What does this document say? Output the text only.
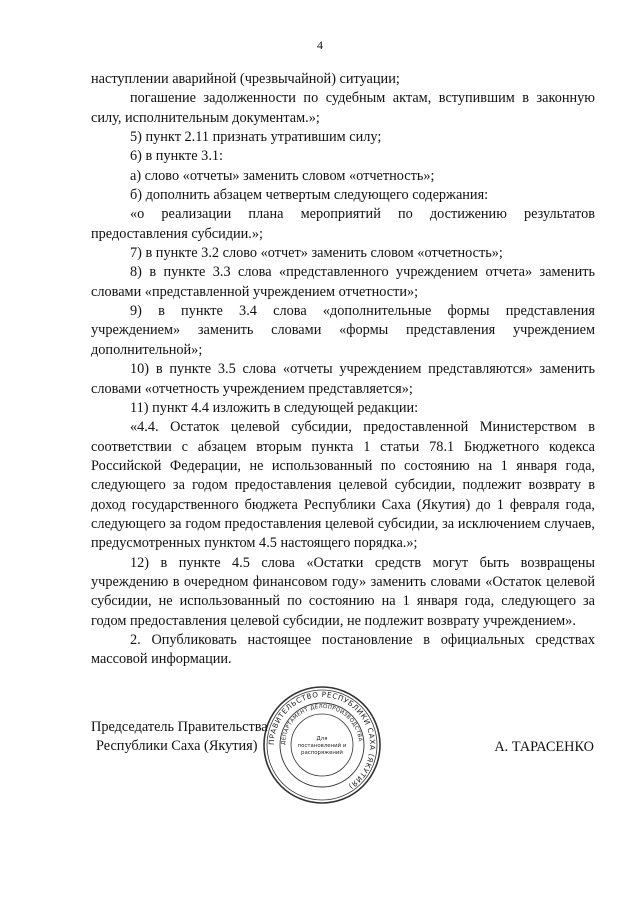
4

наступлении аварийной (чрезвычайной) ситуации;

погашение задолженности по судебным актам, вступившим в законную силу, исполнительным документам.»;

5) пункт 2.11 признать утратившим силу;

6) в пункте 3.1:

а) слово «отчеты» заменить словом «отчетность»;

б) дополнить абзацем четвертым следующего содержания:

«о реализации плана мероприятий по достижению результатов предоставления субсидии.»;

7) в пункте 3.2 слово «отчет» заменить словом «отчетность»;

8) в пункте 3.3 слова «представленного учреждением отчета» заменить словами «представленной учреждением отчетности»;

9) в пункте 3.4 слова «дополнительные формы представления учреждением» заменить словами «формы представления учреждением дополнительной»;

10) в пункте 3.5 слова «отчеты учреждением представляются» заменить словами «отчетность учреждением представляется»;

11) пункт 4.4 изложить в следующей редакции:

«4.4. Остаток целевой субсидии, предоставленной Министерством в соответствии с абзацем вторым пункта 1 статьи 78.1 Бюджетного кодекса Российской Федерации, не использованный по состоянию на 1 января года, следующего за годом предоставления целевой субсидии, подлежит возврату в доход государственного бюджета Республики Саха (Якутия) до 1 февраля года, следующего за годом предоставления целевой субсидии, за исключением случаев, предусмотренных пунктом 4.5 настоящего порядка.»;

12) в пункте 4.5 слова «Остатки средств могут быть возвращены учреждению в очередном финансовом году» заменить словами «Остаток целевой субсидии, не использованный по состоянию на 1 января года, следующего за годом предоставления целевой субсидии, не подлежит возврату учреждением».

2. Опубликовать настоящее постановление в официальных средствах массовой информации.

ПРАВИТЕЛЬСТВО РЕСПУБЛИКИ САХА (ЯКУТИЯ)
ДЕПАРТАМЕНТ ДЕЛОПРОИЗВОДСТВА
Для
постановлений и
распоряжений
Председатель Правительства
Республики Саха (Якутия)	А. ТАРАСЕНКО
